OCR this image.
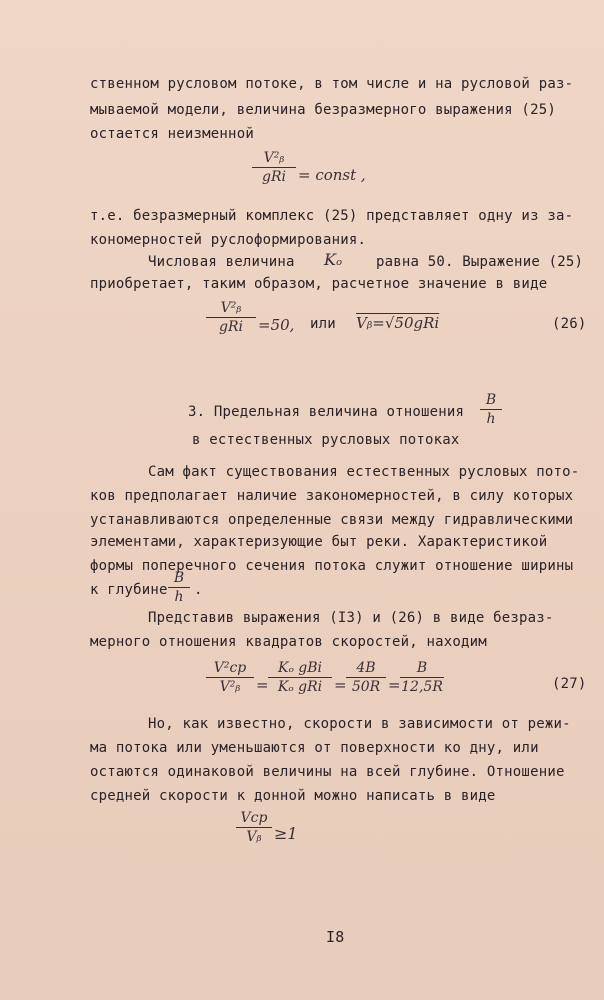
ственном русловом потоке, в том числе и на русловой раз-
мываемой модели, величина безразмерного выражения (25)
остается неизменной
V²ᵦ
gRi = const ,
т.е. безразмерный комплекс (25) представляет одну из за-
кономерностей руслоформирования.
Числовая величина Kₒ равна 50. Выражение (25)
приобретает, таким образом, расчетное значение в виде
V²ᵦ
gRi	=50, или Vᵦ=√50gRi	(26)
3. Предельная величина отношения
B
h
в естественных русловых потоках
Сам факт существования естественных русловых пото-
ков предполагает наличие закономерностей, в силу которых
устанавливаются определенные связи между гидравлическими
элементами, характеризующие быт реки. Характеристикой
формы поперечного сечения потока служит отношение ширины
к глубине
B
h .
Представив выражения (I3) и (26) в виде безраз-
мерного отношения квадратов скоростей, находим
V²cp
V²ᵦ	=
Kₒ gBi
Kₒ gRi =
4B
50R =
B
12,5R	(27)
Но, как известно, скорости в зависимости от режи-
ма потока или уменьшаются от поверхности ко дну, или
остаются одинаковой величины на всей глубине. Отношение
средней скорости к донной можно написать в виде
Vcp
Vᵦ ≥1
I8
